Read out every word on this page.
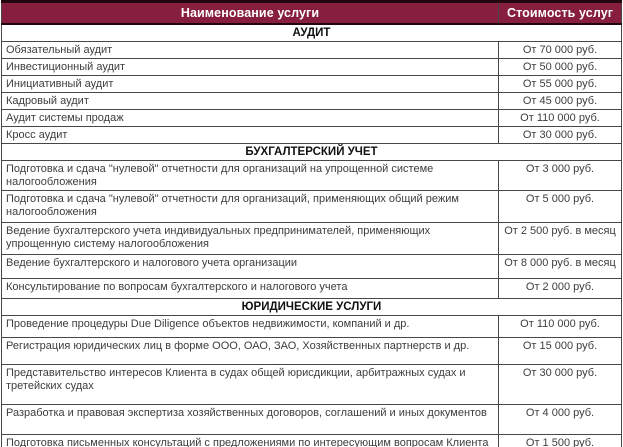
Наименование услуги	Стоимость услуг
АУДИТ	
Обязательный аудит	От 70 000 руб.
Инвестиционный аудит	От 50 000 руб.
Инициативный аудит	От 55 000 руб.
Кадровый аудит	От 45 000 руб.
Аудит системы продаж	От 110 000 руб.
Кросс аудит	От 30 000 руб.
БУХГАЛТЕРСКИЙ УЧЕТ	
Подготовка и сдача "нулевой" отчетности для организаций на упрощенной системе налогообложения	От 3 000 руб.
Подготовка и сдача "нулевой" отчетности для организаций, применяющих общий режим налогообложения	От 5 000 руб.
Ведение бухгалтерского учета индивидуальных предпринимателей, применяющих упрощенную систему налогообложения	От 2 500 руб. в месяц
Ведение бухгалтерского и налогового учета организации	От 8 000 руб. в месяц
Консультирование по вопросам бухгалтерского и налогового учета	От 2 000 руб.
ЮРИДИЧЕСКИЕ УСЛУГИ	
Проведение процедуры Due Diligence объектов недвижимости, компаний и др.	От 110 000 руб.
Регистрация юридических лиц в форме ООО, ОАО, ЗАО, Хозяйственных партнерств и др.	От 15 000 руб.
Представительство интересов Клиента в судах общей юрисдикции, арбитражных судах и третейских судах	От 30 000 руб.
Разработка и правовая экспертиза хозяйственных договоров, соглашений и иных документов	От 4 000 руб.
Подготовка письменных консультаций с предложениями по интересующим вопросам Клиента	От 1 500 руб.
